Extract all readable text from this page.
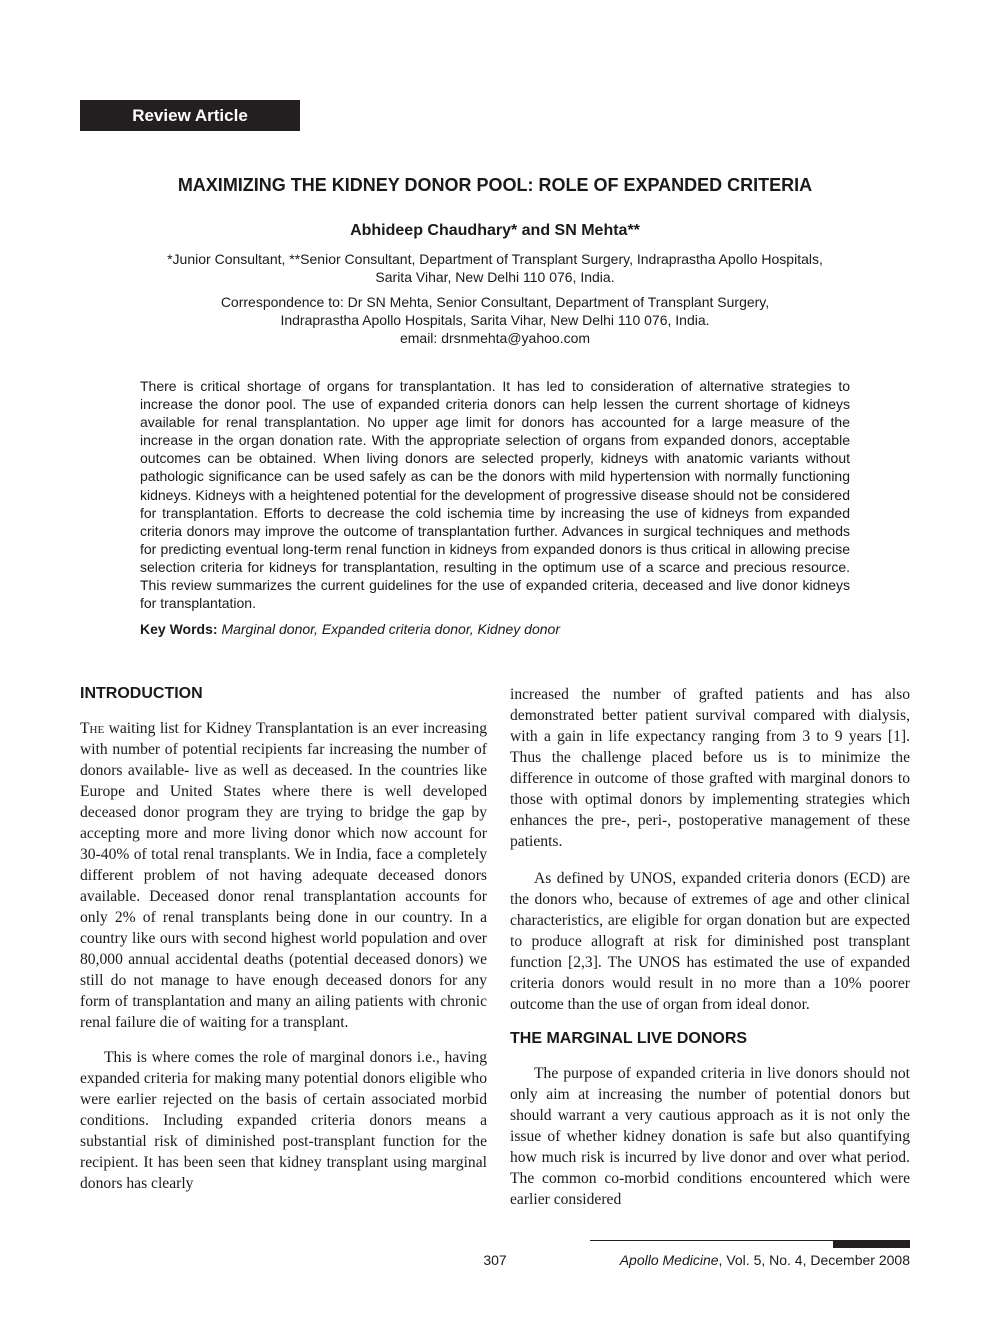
Review Article
MAXIMIZING THE KIDNEY DONOR POOL: ROLE OF EXPANDED CRITERIA
Abhideep Chaudhary* and SN Mehta**
*Junior Consultant, **Senior Consultant, Department of Transplant Surgery, Indraprastha Apollo Hospitals,
Sarita Vihar, New Delhi 110 076, India.
Correspondence to: Dr SN Mehta, Senior Consultant, Department of Transplant Surgery,
Indraprastha Apollo Hospitals, Sarita Vihar, New Delhi 110 076, India.
email: drsnmehta@yahoo.com

There is critical shortage of organs for transplantation. It has led to consideration of alternative strategies to increase the donor pool. The use of expanded criteria donors can help lessen the current shortage of kidneys available for renal transplantation. No upper age limit for donors has accounted for a large measure of the increase in the organ donation rate. With the appropriate selection of organs from expanded donors, acceptable outcomes can be obtained. When living donors are selected properly, kidneys with anatomic variants without pathologic significance can be used safely as can be the donors with mild hypertension with normally functioning kidneys. Kidneys with a heightened potential for the development of progressive disease should not be considered for transplantation. Efforts to decrease the cold ischemia time by increasing the use of kidneys from expanded criteria donors may improve the outcome of transplantation further. Advances in surgical techniques and methods for predicting eventual long-term renal function in kidneys from expanded donors is thus critical in allowing precise selection criteria for kidneys for transplantation, resulting in the optimum use of a scarce and precious resource. This review summarizes the current guidelines for the use of expanded criteria, deceased and live donor kidneys for transplantation.

Key Words: Marginal donor, Expanded criteria donor, Kidney donor
INTRODUCTION

The waiting list for Kidney Transplantation is an ever increasing with number of potential recipients far increasing the number of donors available- live as well as deceased. In the countries like Europe and United States where there is well developed deceased donor program they are trying to bridge the gap by accepting more and more living donor which now account for 30-40% of total renal transplants. We in India, face a completely different problem of not having adequate deceased donors available. Deceased donor renal transplantation accounts for only 2% of renal transplants being done in our country. In a country like ours with second highest world population and over 80,000 annual accidental deaths (potential deceased donors) we still do not manage to have enough deceased donors for any form of transplantation and many an ailing patients with chronic renal failure die of waiting for a transplant.

This is where comes the role of marginal donors i.e., having expanded criteria for making many potential donors eligible who were earlier rejected on the basis of certain associated morbid conditions. Including expanded criteria donors means a substantial risk of diminished post-transplant function for the recipient. It has been seen that kidney transplant using marginal donors has clearly

increased the number of grafted patients and has also demonstrated better patient survival compared with dialysis, with a gain in life expectancy ranging from 3 to 9 years [1]. Thus the challenge placed before us is to minimize the difference in outcome of those grafted with marginal donors to those with optimal donors by implementing strategies which enhances the pre-, peri-, postoperative management of these patients.

As defined by UNOS, expanded criteria donors (ECD) are the donors who, because of extremes of age and other clinical characteristics, are eligible for organ donation but are expected to produce allograft at risk for diminished post transplant function [2,3]. The UNOS has estimated the use of expanded criteria donors would result in no more than a 10% poorer outcome than the use of organ from ideal donor.

THE MARGINAL LIVE DONORS

The purpose of expanded criteria in live donors should not only aim at increasing the number of potential donors but should warrant a very cautious approach as it is not only the issue of whether kidney donation is safe but also quantifying how much risk is incurred by live donor and over what period. The common co-morbid conditions encountered which were earlier considered

307	Apollo Medicine, Vol. 5, No. 4, December 2008
